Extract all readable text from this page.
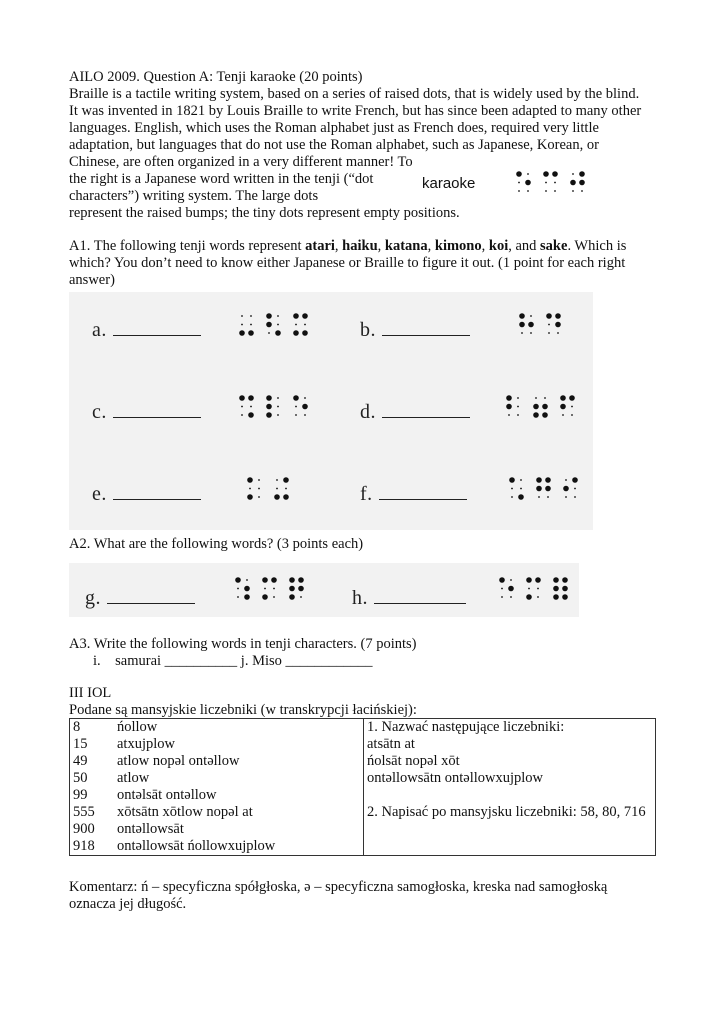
AILO 2009. Question A: Tenji karaoke (20 points)
Braille is a tactile writing system, based on a series of raised dots, that is widely used by the blind.
It was invented in 1821 by Louis Braille to write French, but has since been adapted to many other
languages. English, which uses the Roman alphabet just as French does, required very little
adaptation, but languages that do not use the Roman alphabet, such as Japanese, Korean, or
Chinese, are often organized in a very different manner! To
the right is a Japanese word written in the tenji (“dot
characters”) writing system. The large dots
represent the raised bumps; the tiny dots represent empty positions.
karaoke
A1. The following tenji words represent atari, haiku, katana, kimono, koi, and sake. Which is
which? You don’t need to know either Japanese or Braille to figure it out. (1 point for each right
answer)
a.	b.
c.	d.
e.	f.
A2. What are the following words? (3 points each)
g.	h.
A3. Write the following words in tenji characters. (7 points)
i.    samurai __________ j. Miso ____________
III IOL
Podane są mansyjskie liczebniki (w transkrypcji łacińskiej):
8	ńollow
15 atxujplow
49 atlow nopəl ontəllow
50 atlow
99 ontəlsāt ontəllow
555 xōtsātn xōtlow nopəl at
900 ontəllowsāt
918 ontəllowsāt ńollowxujplow

1. Nazwać następujące liczebniki:
atsātn at
ńolsāt nopəl xōt
ontəllowsātn ontəllowxujplow
2. Napisać po mansyjsku liczebniki: 58, 80, 716
Komentarz: ń – specyficzna spółgłoska, ə – specyficzna samogłoska, kreska nad samogłoską
oznacza jej długość.
